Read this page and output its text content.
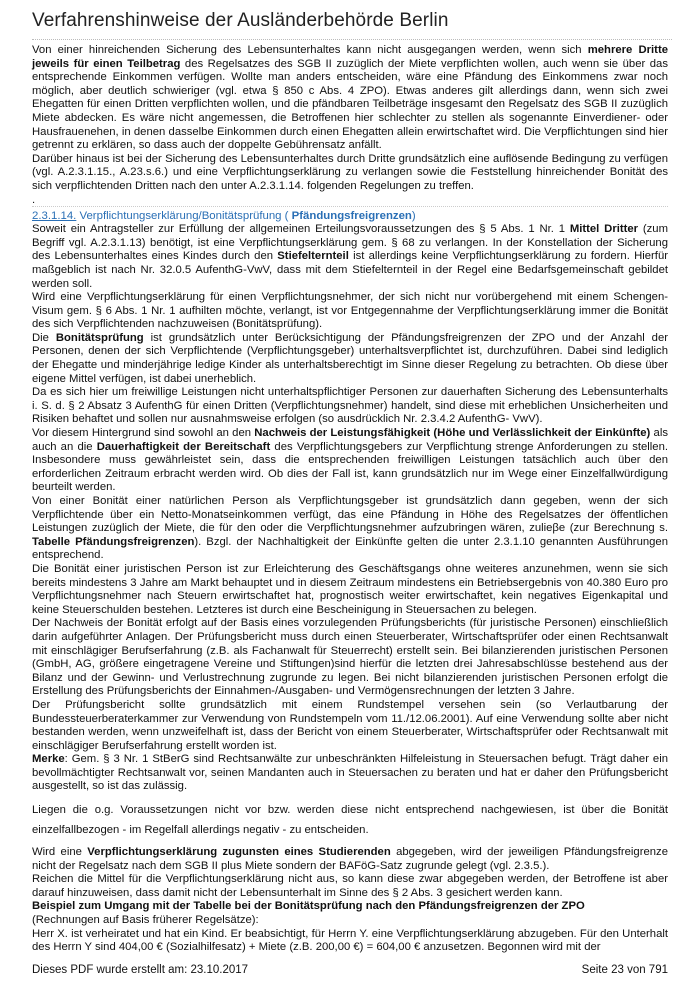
Verfahrenshinweise der Ausländerbehörde Berlin

Von einer hinreichenden Sicherung des Lebensunterhaltes kann nicht ausgegangen werden, wenn sich mehrere Dritte jeweils für einen Teilbetrag des Regelsatzes des SGB II zuzüglich der Miete verpflichten wollen, auch wenn sie über das entsprechende Einkommen verfügen. Wollte man anders entscheiden, wäre eine Pfändung des Einkommens zwar noch möglich, aber deutlich schwieriger (vgl. etwa § 850 c Abs. 4 ZPO). Etwas anderes gilt allerdings dann, wenn sich zwei Ehegatten für einen Dritten verpflichten wollen, und die pfändbaren Teilbeträge insgesamt den Regelsatz des SGB II zuzüglich Miete abdecken. Es wäre nicht angemessen, die Betroffenen hier schlechter zu stellen als sogenannte Einverdiener- oder Hausfrauenehen, in denen dasselbe Einkommen durch einen Ehegatten allein erwirtschaftet wird. Die Verpflichtungen sind hier getrennt zu erklären, so dass auch der doppelte Gebührensatz anfällt.

Darüber hinaus ist bei der Sicherung des Lebensunterhaltes durch Dritte grundsätzlich eine auflösende Bedingung zu verfügen (vgl. A.2.3.1.15., A.23.s.6.) und eine Verpflichtungserklärung zu verlangen sowie die Feststellung hinreichender Bonität des sich verpflichtenden Dritten nach den unter A.2.3.1.14. folgenden Regelungen zu treffen.

.

2.3.1.14. Verpflichtungserklärung/Bonitätsprüfung ( Pfändungsfreigrenzen)

Soweit ein Antragsteller zur Erfüllung der allgemeinen Erteilungsvoraussetzungen des § 5 Abs. 1 Nr. 1 Mittel Dritter (zum Begriff vgl. A.2.3.1.13) benötigt, ist eine Verpflichtungserklärung gem. § 68 zu verlangen. In der Konstellation der Sicherung des Lebensunterhaltes eines Kindes durch den Stiefelternteil ist allerdings keine Verpflichtungserklärung zu fordern. Hierfür maßgeblich ist nach Nr. 32.0.5 AufenthG-VwV, dass mit dem Stiefelternteil in der Regel eine Bedarfsgemeinschaft gebildet werden soll.

Wird eine Verpflichtungserklärung für einen Verpflichtungsnehmer, der sich nicht nur vorübergehend mit einem Schengen-Visum gem. § 6 Abs. 1 Nr. 1 aufhilten möchte, verlangt, ist vor Entgegennahme der Verpflichtungserklärung immer die Bonität des sich Verpflichtenden nachzuweisen (Bonitätsprüfung).

Die Bonitätsprüfung ist grundsätzlich unter Berücksichtigung der Pfändungsfreigrenzen der ZPO und der Anzahl der Personen, denen der sich Verpflichtende (Verpflichtungsgeber) unterhaltsverpflichtet ist, durchzuführen. Dabei sind lediglich der Ehegatte und minderjährige ledige Kinder als unterhaltsberechtigt im Sinne dieser Regelung zu betrachten. Ob diese über eigene Mittel verfügen, ist dabei unerheblich.

Da es sich hier um freiwillige Leistungen nicht unterhaltspflichtiger Personen zur dauerhaften Sicherung des Lebensunterhalts i. S. d. § 2 Absatz 3 AufenthG für einen Dritten (Verpflichtungsnehmer) handelt, sind diese mit erheblichen Unsicherheiten und Risiken behaftet und sollen nur ausnahmsweise erfolgen (so ausdrücklich Nr. 2.3.4.2 AufenthG- VwV).

Vor diesem Hintergrund sind sowohl an den Nachweis der Leistungsfähigkeit (Höhe und Verlässlichkeit der Einkünfte) als auch an die Dauerhaftigkeit der Bereitschaft des Verpflichtungsgebers zur Verpflichtung strenge Anforderungen zu stellen. Insbesondere muss gewährleistet sein, dass die entsprechenden freiwilligen Leistungen tatsächlich auch über den erforderlichen Zeitraum erbracht werden wird. Ob dies der Fall ist, kann grundsätzlich nur im Wege einer Einzelfallwürdigung beurteilt werden.

Von einer Bonität einer natürlichen Person als Verpflichtungsgeber ist grundsätzlich dann gegeben, wenn der sich Verpflichtende über ein Netto-Monatseinkommen verfügt, das eine Pfändung in Höhe des Regelsatzes der öffentlichen Leistungen zuzüglich der Miete, die für den oder die Verpflichtungsnehmer aufzubringen wären, zulieβe (zur Berechnung s. Tabelle Pfändungsfreigrenzen). Bzgl. der Nachhaltigkeit der Einkünfte gelten die unter 2.3.1.10 genannten Ausführungen entsprechend.

Die Bonität einer juristischen Person ist zur Erleichterung des Geschäftsgangs ohne weiteres anzunehmen, wenn sie sich bereits mindestens 3 Jahre am Markt behauptet und in diesem Zeitraum mindestens ein Betriebsergebnis von 40.380 Euro pro Verpflichtungsnehmer nach Steuern erwirtschaftet hat, prognostisch weiter erwirtschaftet, kein negatives Eigenkapital und keine Steuerschulden bestehen. Letzteres ist durch eine Bescheinigung in Steuersachen zu belegen.

Der Nachweis der Bonität erfolgt auf der Basis eines vorzulegenden Prüfungsberichts (für juristische Personen) einschließlich darin aufgeführter Anlagen. Der Prüfungsbericht muss durch einen Steuerberater, Wirtschaftsprüfer oder einen Rechtsanwalt mit einschlägiger Berufserfahrung (z.B. als Fachanwalt für Steuerrecht) erstellt sein. Bei bilanzierenden juristischen Personen (GmbH, AG, größere eingetragene Vereine und Stiftungen)sind hierfür die letzten drei Jahresabschlüsse bestehend aus der Bilanz und der Gewinn- und Verlustrechnung zugrunde zu legen. Bei nicht bilanzierenden juristischen Personen erfolgt die Erstellung des Prüfungsberichts der Einnahmen-/Ausgaben- und Vermögensrechnungen der letzten 3 Jahre.

Der Prüfungsbericht sollte grundsätzlich mit einem Rundstempel versehen sein (so Verlautbarung der Bundessteuerberaterkammer zur Verwendung von Rundstempeln vom 11./12.06.2001). Auf eine Verwendung sollte aber nicht bestanden werden, wenn unzweifelhaft ist, dass der Bericht von einem Steuerberater, Wirtschaftsprüfer oder Rechtsanwalt mit einschlägiger Berufserfahrung erstellt worden ist.

Merke: Gem. § 3 Nr. 1 StBerG sind Rechtsanwälte zur unbeschränkten Hilfeleistung in Steuersachen befugt. Trägt daher ein bevollmächtigter Rechtsanwalt vor, seinen Mandanten auch in Steuersachen zu beraten und hat er daher den Prüfungsbericht ausgestellt, so ist das zulässig.

Liegen die o.g. Voraussetzungen nicht vor bzw. werden diese nicht entsprechend nachgewiesen, ist über die Bonität einzelfallbezogen - im Regelfall allerdings negativ - zu entscheiden.

Wird eine Verpflichtungserklärung zugunsten eines Studierenden abgegeben, wird der jeweiligen Pfändungsfreigrenze nicht der Regelsatz nach dem SGB II plus Miete sondern der BAFöG-Satz zugrunde gelegt (vgl. 2.3.5.).

Reichen die Mittel für die Verpflichtungserklärung nicht aus, so kann diese zwar abgegeben werden, der Betroffene ist aber darauf hinzuweisen, dass damit nicht der Lebensunterhalt im Sinne des § 2 Abs. 3 gesichert werden kann.

Beispiel zum Umgang mit der Tabelle bei der Bonitätsprüfung nach den Pfändungsfreigrenzen der ZPO

(Rechnungen auf Basis früherer Regelsätze):

Herr X. ist verheiratet und hat ein Kind. Er beabsichtigt, für Herrn Y. eine Verpflichtungserklärung abzugeben. Für den Unterhalt des Herrn Y sind 404,00 € (Sozialhilfesatz) + Miete (z.B. 200,00 €) = 604,00 € anzusetzen. Begonnen wird mit der

Dieses PDF wurde erstellt am: 23.10.2017	Seite 23 von 791
